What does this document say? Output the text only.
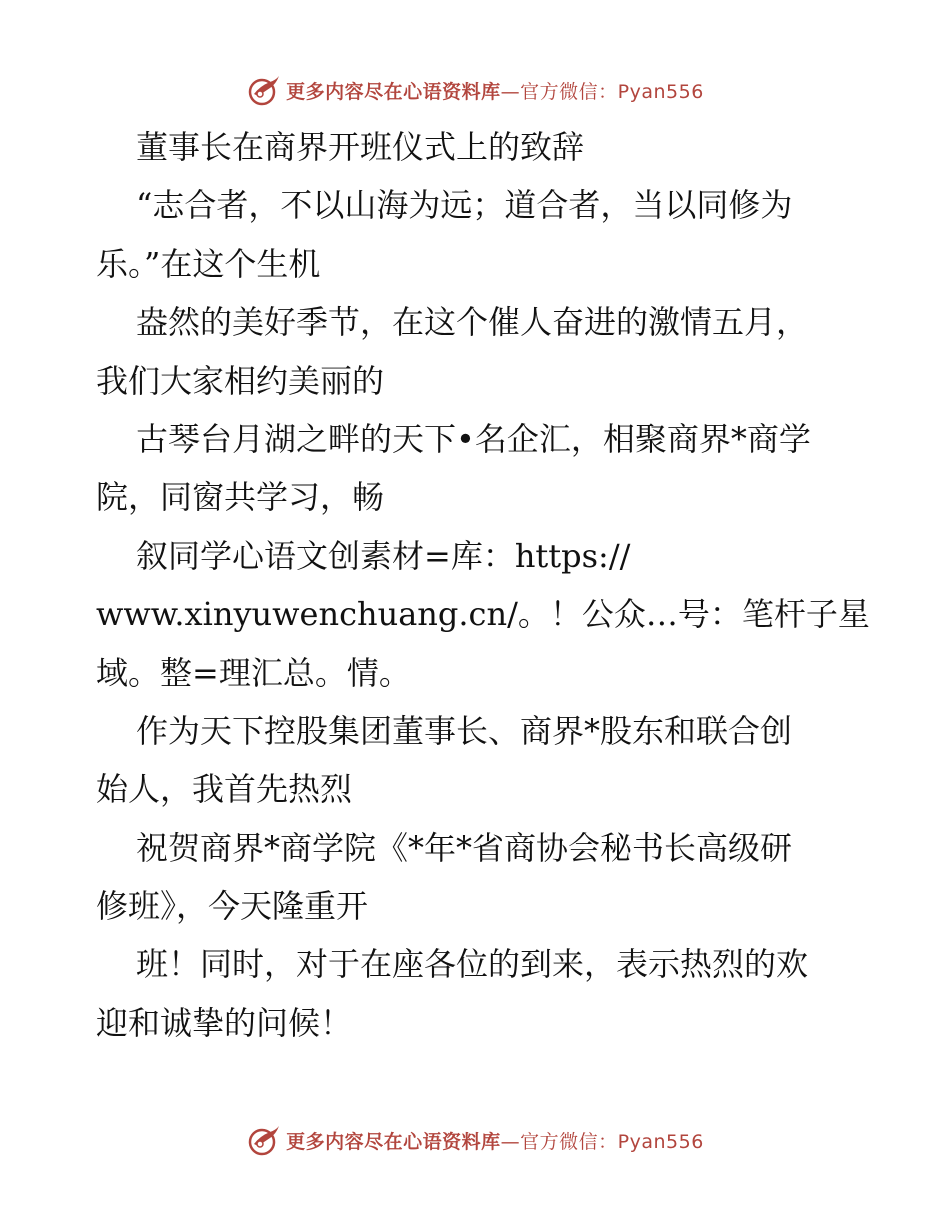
更多内容尽在心语资料库—官方微信：Pyan556
董事长在商界开班仪式上的致辞
“志合者，不以山海为远；道合者，当以同修为
乐。”在这个生机
盎然的美好季节，在这个催人奋进的激情五月，
我们大家相约美丽的
古琴台月湖之畔的天下•名企汇，相聚商界*商学
院，同窗共学习，畅
叙同学心语文创素材=库：https://
www.xinyuwenchuang.cn/。！公众…号：笔杆子星
域。整=理汇总。情。
作为天下控股集团董事长、商界*股东和联合创
始人，我首先热烈
祝贺商界*商学院《*年*省商协会秘书长高级研
修班》，今天隆重开
班！同时，对于在座各位的到来，表示热烈的欢
迎和诚挚的问候！
更多内容尽在心语资料库—官方微信：Pyan556
